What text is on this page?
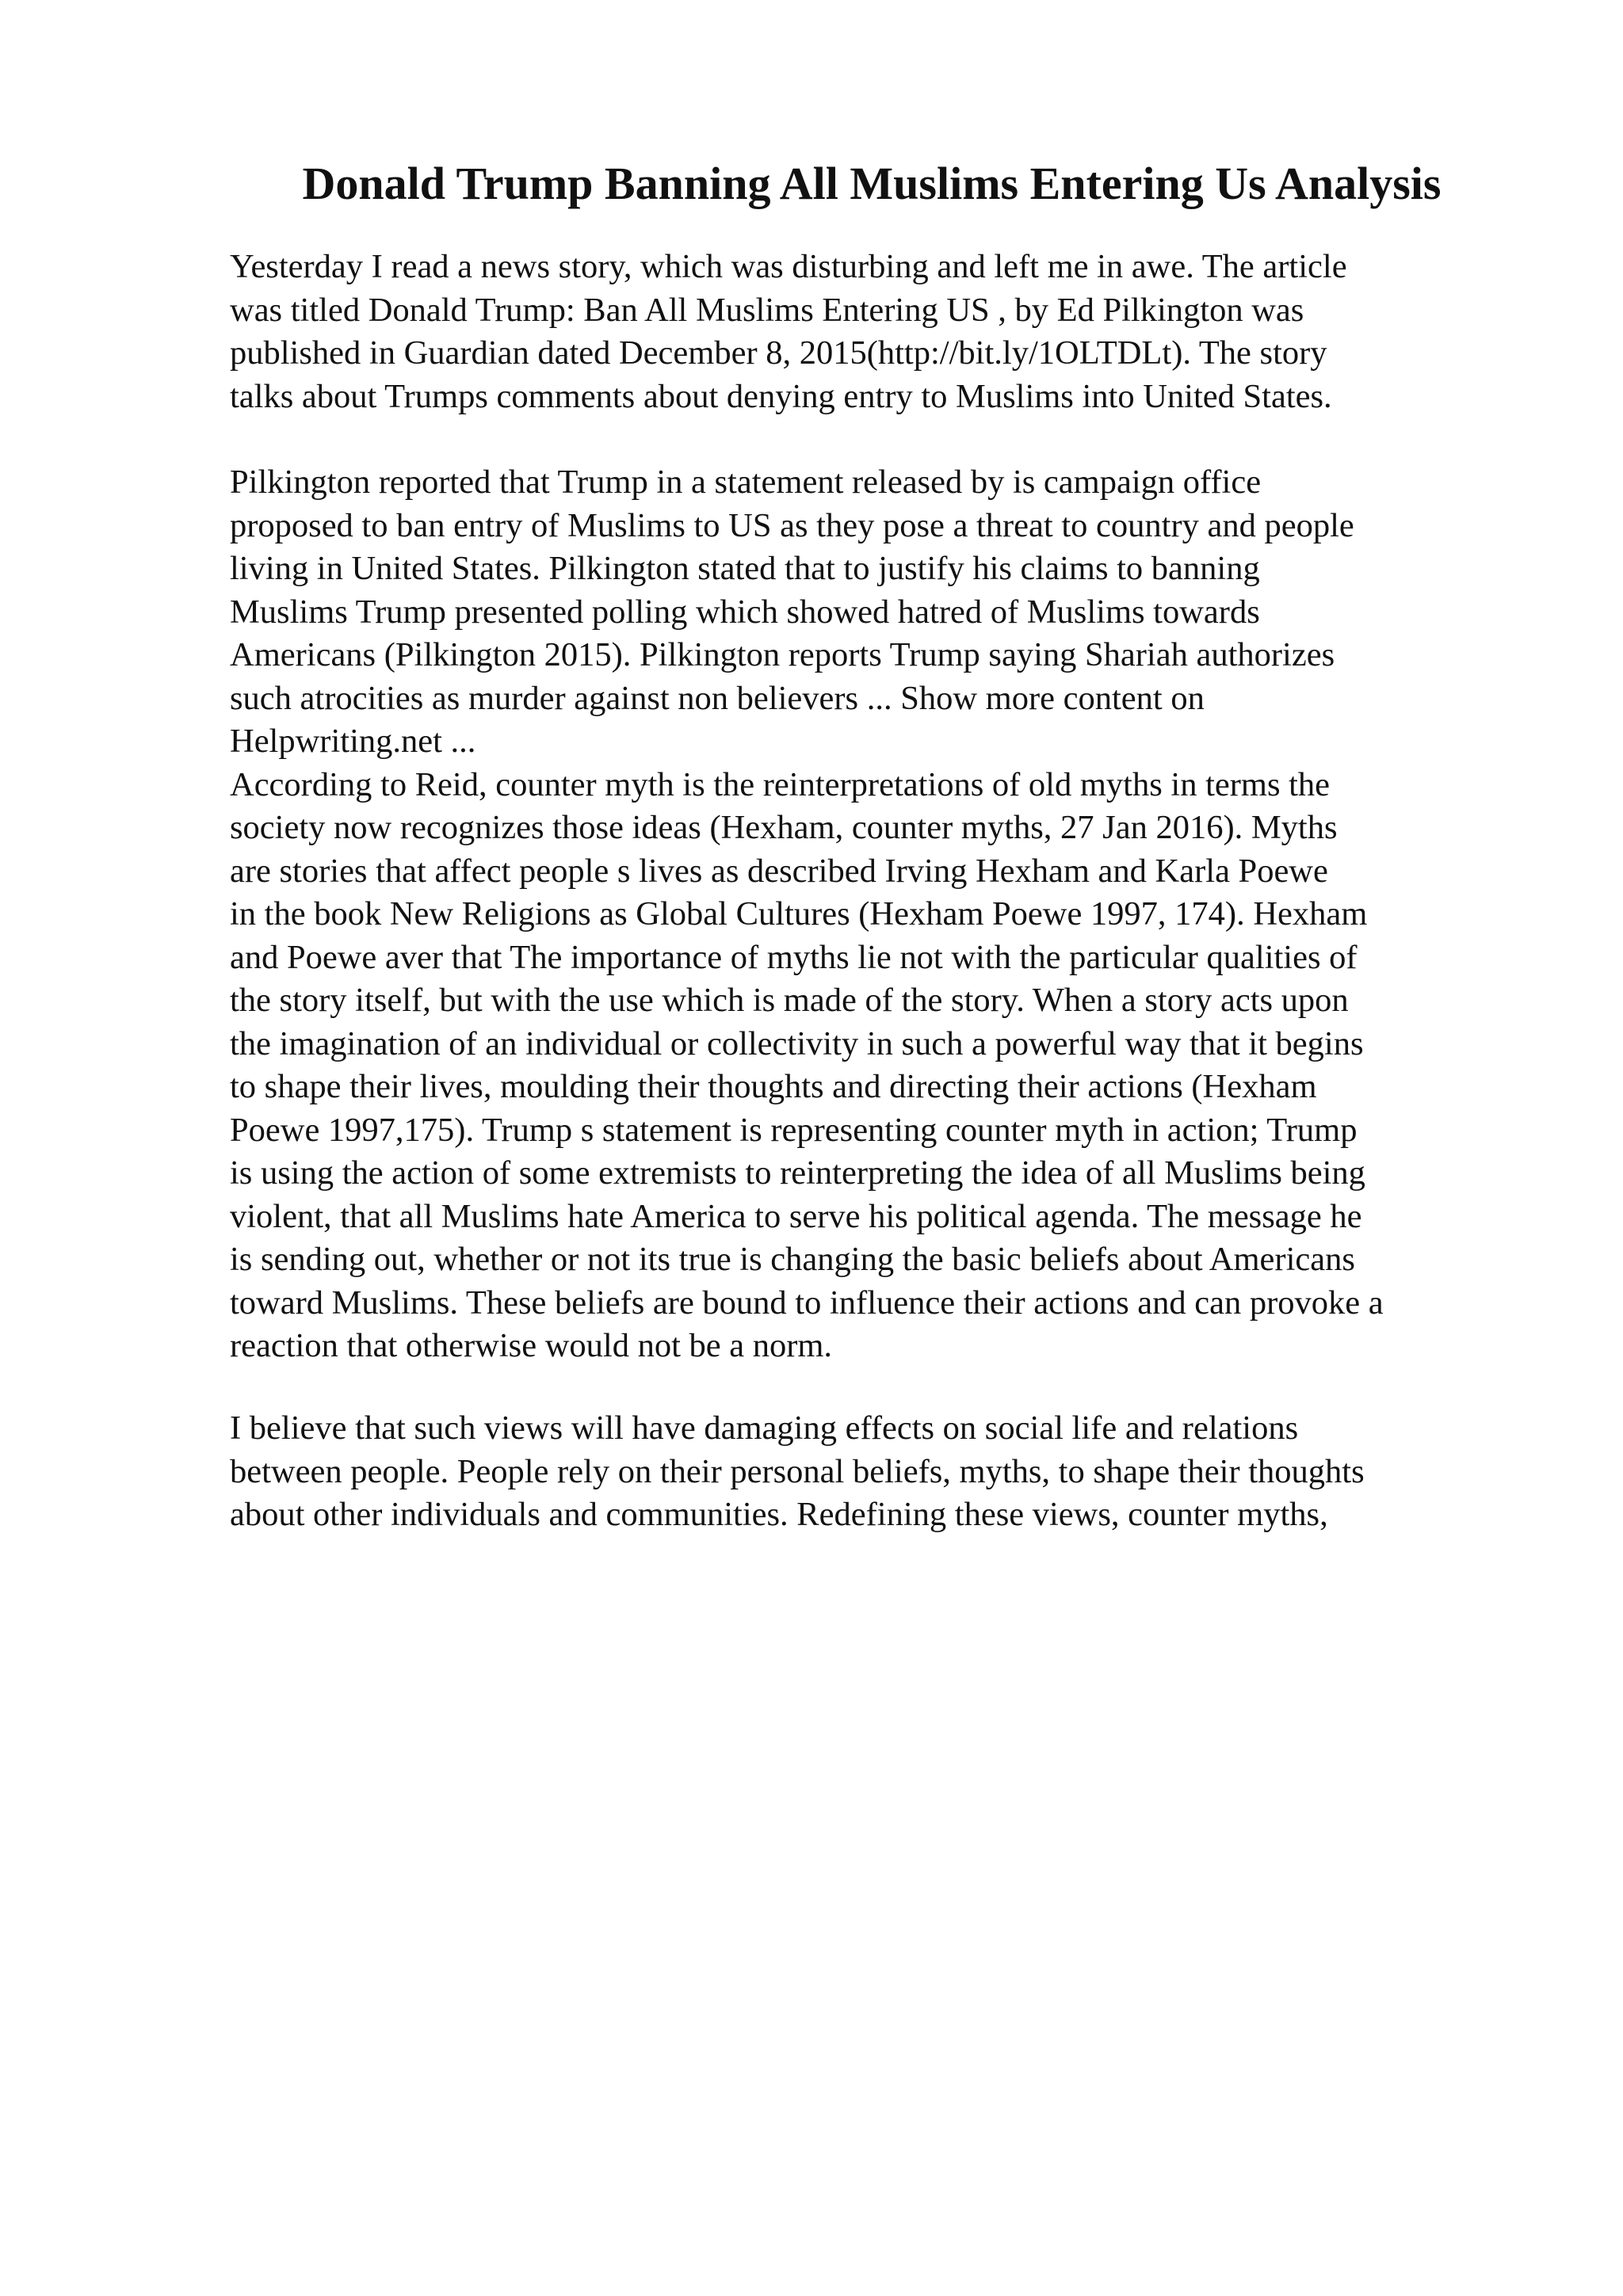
Donald Trump Banning All Muslims Entering Us Analysis
Yesterday I read a news story, which was disturbing and left me in awe. The article
was titled Donald Trump: Ban All Muslims Entering US , by Ed Pilkington was
published in Guardian dated December 8, 2015(http://bit.ly/1OLTDLt). The story
talks about Trumps comments about denying entry to Muslims into United States.
Pilkington reported that Trump in a statement released by is campaign office
proposed to ban entry of Muslims to US as they pose a threat to country and people
living in United States. Pilkington stated that to justify his claims to banning
Muslims Trump presented polling which showed hatred of Muslims towards
Americans (Pilkington 2015). Pilkington reports Trump saying Shariah authorizes
such atrocities as murder against non believers ... Show more content on
Helpwriting.net ...
According to Reid, counter myth is the reinterpretations of old myths in terms the
society now recognizes those ideas (Hexham, counter myths, 27 Jan 2016). Myths
are stories that affect people s lives as described Irving Hexham and Karla Poewe
in the book New Religions as Global Cultures (Hexham Poewe 1997, 174). Hexham
and Poewe aver that The importance of myths lie not with the particular qualities of
the story itself, but with the use which is made of the story. When a story acts upon
the imagination of an individual or collectivity in such a powerful way that it begins
to shape their lives, moulding their thoughts and directing their actions (Hexham
Poewe 1997,175). Trump s statement is representing counter myth in action; Trump
is using the action of some extremists to reinterpreting the idea of all Muslims being
violent, that all Muslims hate America to serve his political agenda. The message he
is sending out, whether or not its true is changing the basic beliefs about Americans
toward Muslims. These beliefs are bound to influence their actions and can provoke a
reaction that otherwise would not be a norm.
I believe that such views will have damaging effects on social life and relations
between people. People rely on their personal beliefs, myths, to shape their thoughts
about other individuals and communities. Redefining these views, counter myths,
